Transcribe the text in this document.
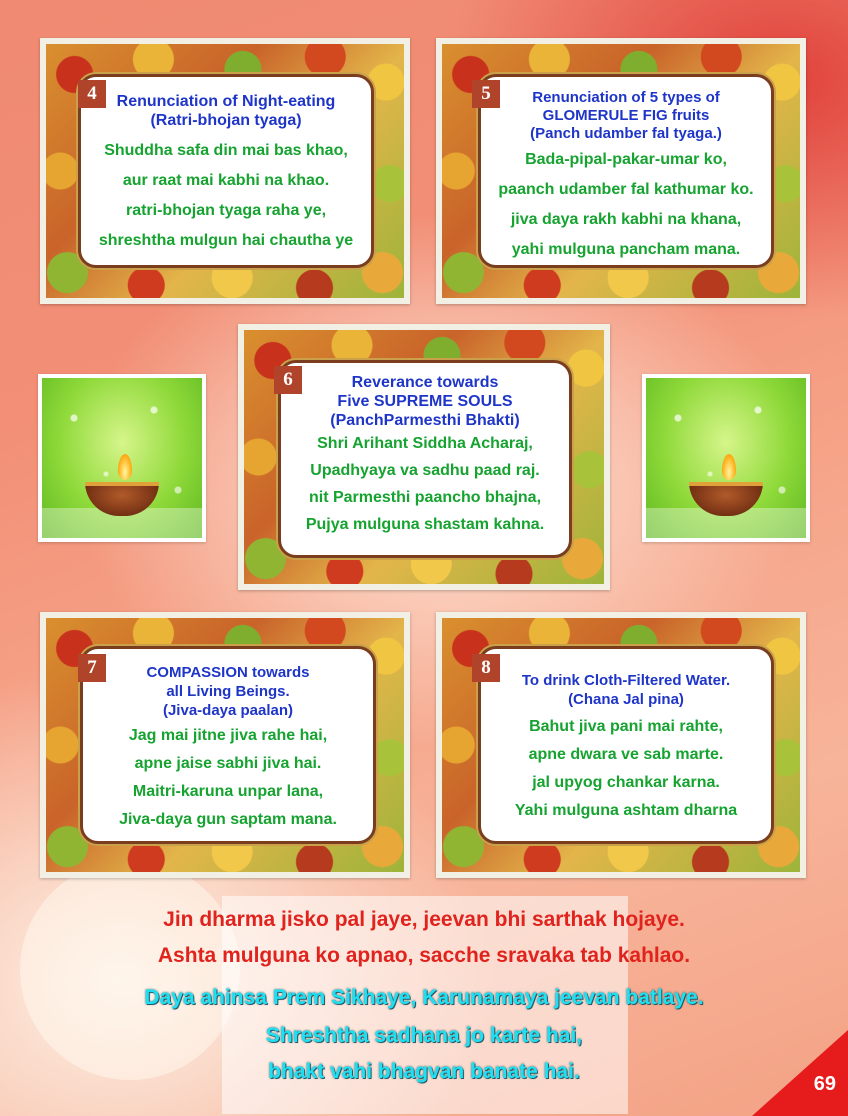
Renunciation of Night-eating
(Ratri-bhojan tyaga)
Shuddha safa din mai bas khao,
aur raat mai kabhi na khao.
ratri-bhojan tyaga raha ye,
shreshtha mulgun hai chautha ye
4	Renunciation of 5 types of
GLOMERULE FIG fruits
(Panch udamber fal tyaga.)
Bada-pipal-pakar-umar ko,
paanch udamber fal kathumar ko.
jiva daya rakh kabhi na khana,
yahi mulguna pancham mana.
5
Reverance towards
Five SUPREME SOULS
(PanchParmesthi Bhakti)
Shri Arihant Siddha Acharaj,
Upadhyaya va sadhu paad raj.
nit Parmesthi paancho bhajna,
Pujya mulguna shastam kahna.
6
COMPASSION towards
all Living Beings.
(Jiva-daya paalan)
Jag mai jitne jiva rahe hai,
apne jaise sabhi jiva hai.
Maitri-karuna unpar lana,
Jiva-daya gun saptam mana.
7
To drink Cloth-Filtered Water.
(Chana Jal pina)
Bahut jiva pani mai rahte,
apne dwara ve sab marte.
jal upyog chankar karna.
Yahi mulguna ashtam dharna
8
Jin dharma jisko pal jaye, jeevan bhi sarthak hojaye.
Ashta mulguna ko apnao, sacche sravaka tab kahlao.
Daya ahinsa Prem Sikhaye, Karunamaya jeevan batlaye.
Shreshtha sadhana jo karte hai,
bhakt vahi bhagvan banate hai.
69
